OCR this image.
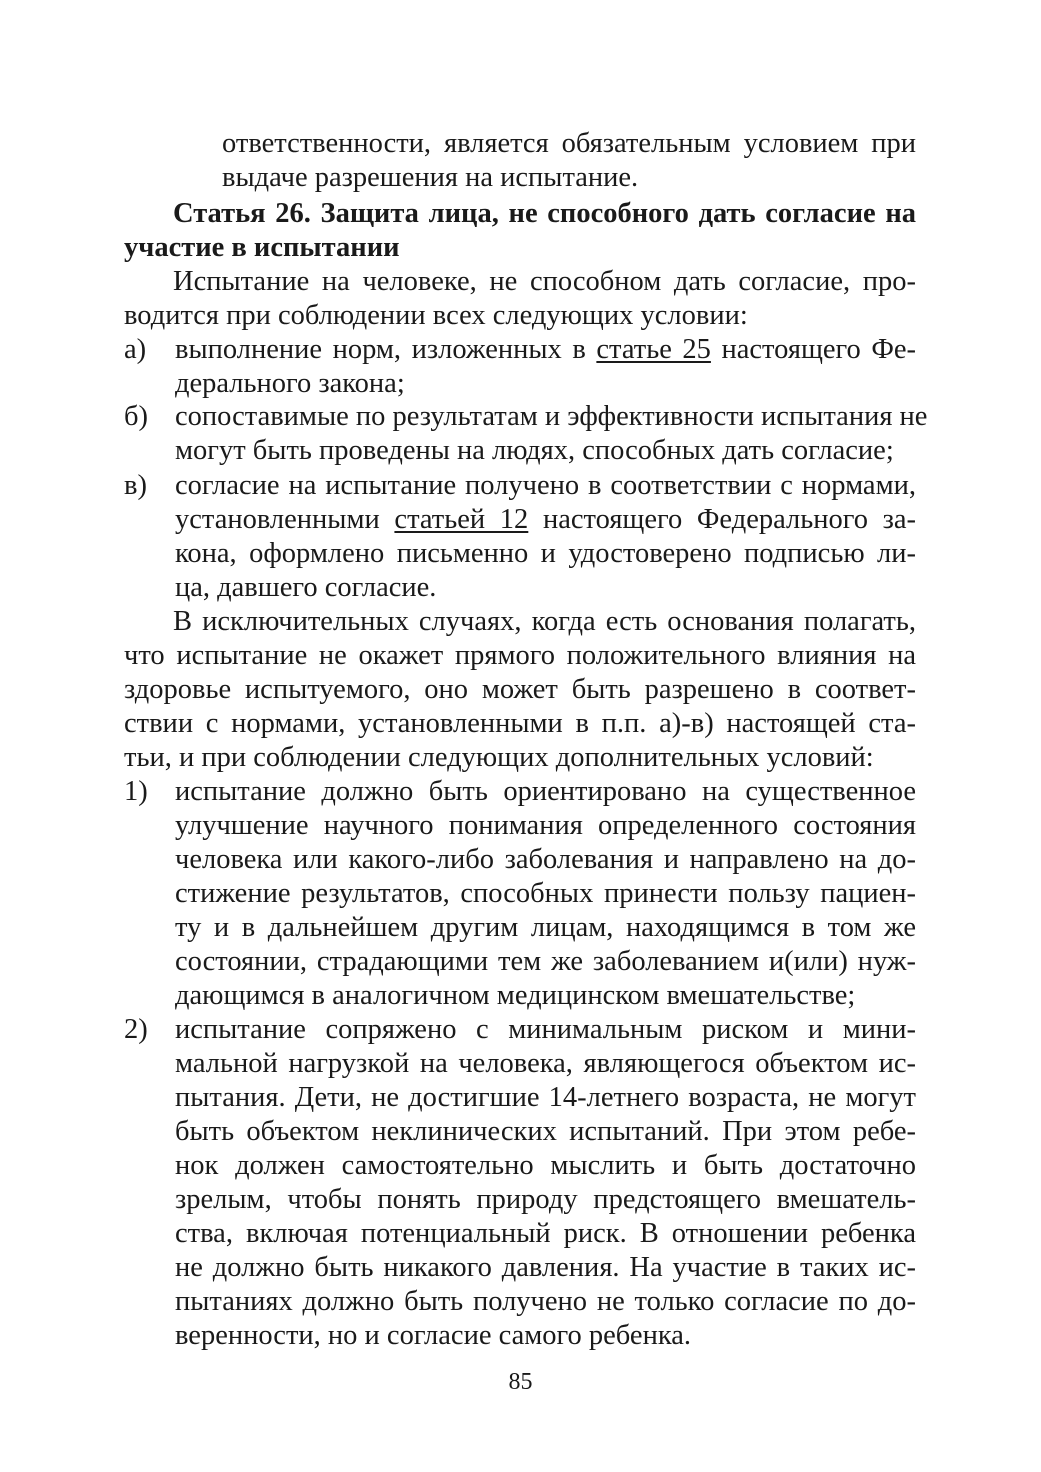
ответственности, является обязательным условием при
выдаче разрешения на испытание.
Статья 26. Защита лица, не способного дать согласие на
участие в испытании
Испытание на человеке, не способном дать согласие, про-
водится при соблюдении всех следующих условии:
а) выполнение норм, изложенных в статье 25 настоящего Фе-
дерального закона;
б) сопоставимые по результатам и эффективности испытания не
могут быть проведены на людях, способных дать согласие;
в) согласие на испытание получено в соответствии с нормами,
установленными статьей 12 настоящего Федерального за-
кона, оформлено письменно и удостоверено подписью ли-
ца, давшего согласие.
В исключительных случаях, когда есть основания полагать,
что испытание не окажет прямого положительного влияния на
здоровье испытуемого, оно может быть разрешено в соответ-
ствии с нормами, установленными в п.п. а)-в) настоящей ста-
тьи, и при соблюдении следующих дополнительных условий:
1) испытание должно быть ориентировано на существенное
улучшение научного понимания определенного состояния
человека или какого-либо заболевания и направлено на до-
стижение результатов, способных принести пользу пациен-
ту и в дальнейшем другим лицам, находящимся в том же
состоянии, страдающими тем же заболеванием и(или) нуж-
дающимся в аналогичном медицинском вмешательстве;
2) испытание сопряжено с минимальным риском и мини-
мальной нагрузкой на человека, являющегося объектом ис-
пытания. Дети, не достигшие 14-летнего возраста, не могут
быть объектом неклинических испытаний. При этом ребе-
нок должен самостоятельно мыслить и быть достаточно
зрелым, чтобы понять природу предстоящего вмешатель-
ства, включая потенциальный риск. В отношении ребенка
не должно быть никакого давления. На участие в таких ис-
пытаниях должно быть получено не только согласие по до-
веренности, но и согласие самого ребенка.
85
